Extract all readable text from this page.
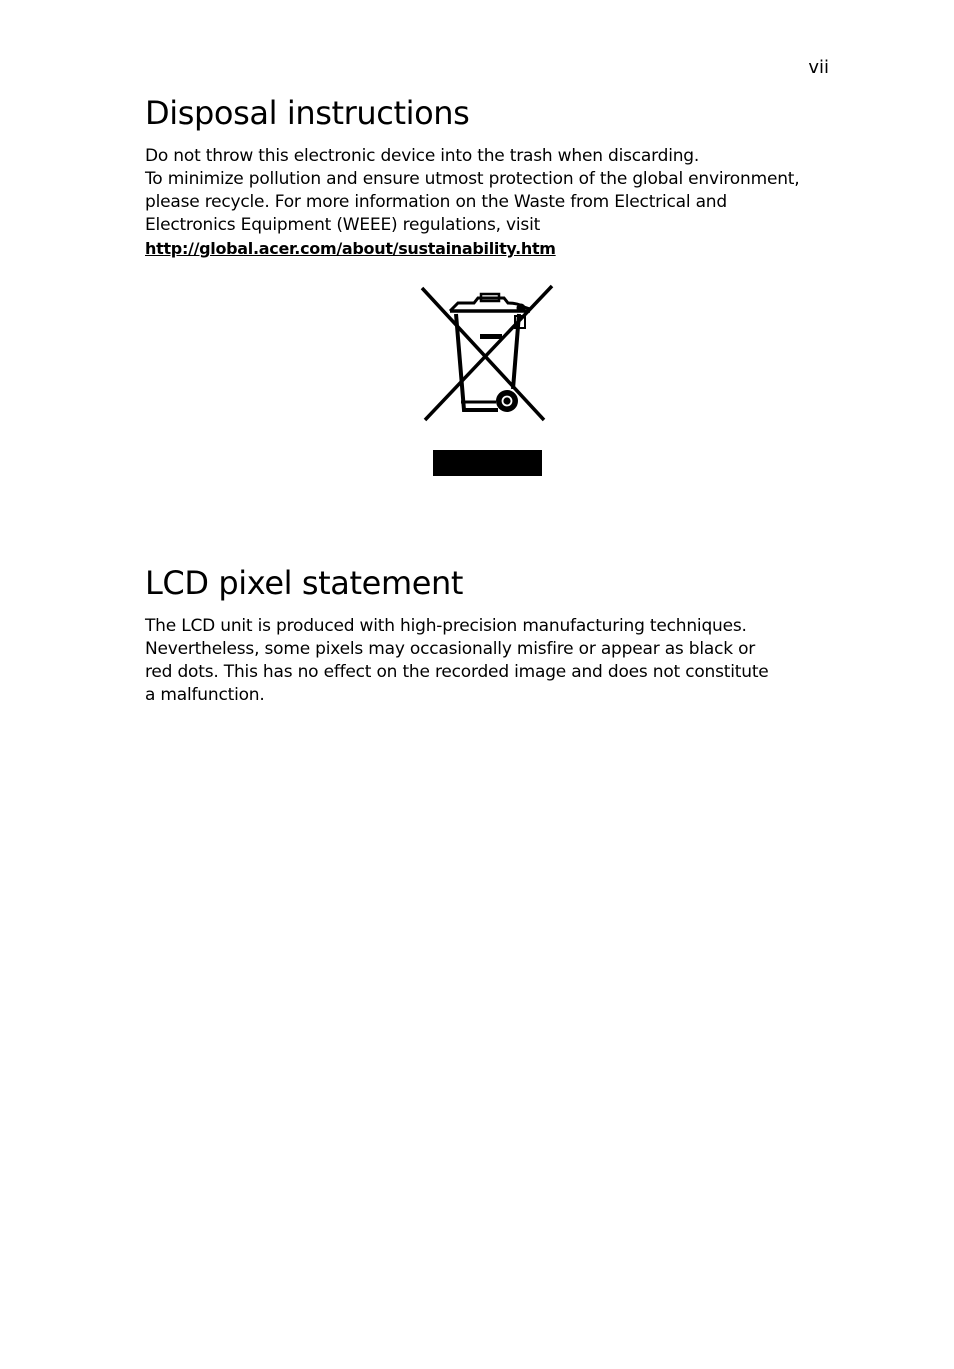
vii
Disposal instructions
Do not throw this electronic device into the trash when discarding.
To minimize pollution and ensure utmost protection of the global environment,
please recycle. For more information on the Waste from Electrical and
Electronics Equipment (WEEE) regulations, visit
http://global.acer.com/about/sustainability.htm
LCD pixel statement
The LCD unit is produced with high-precision manufacturing techniques.
Nevertheless, some pixels may occasionally misfire or appear as black or
red dots. This has no effect on the recorded image and does not constitute
a malfunction.
